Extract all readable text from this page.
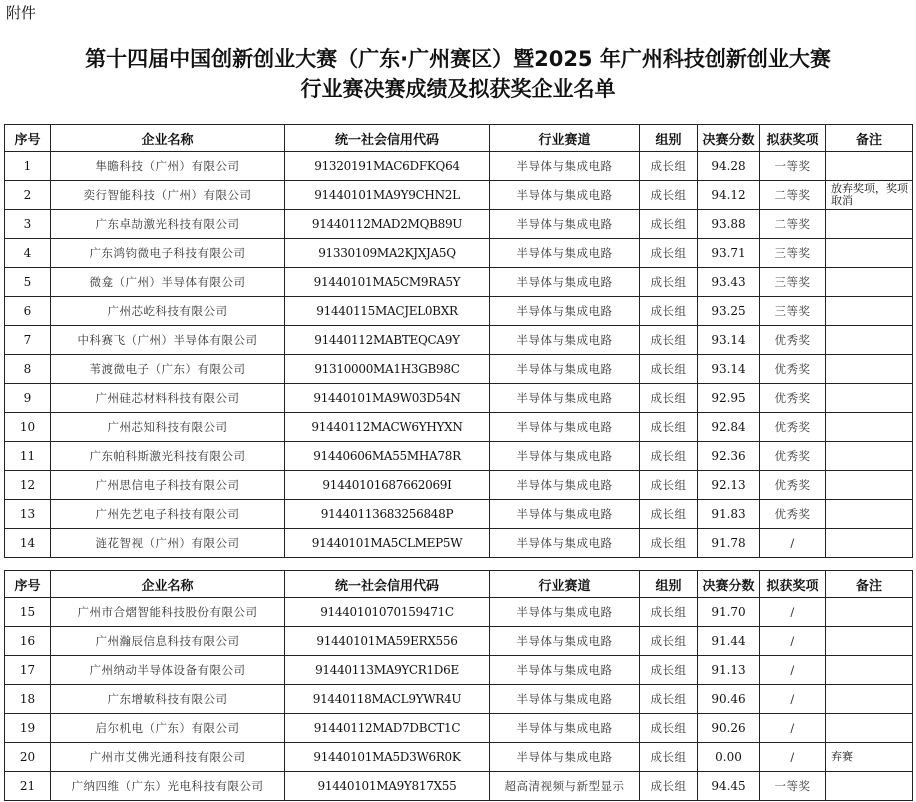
附件
第十四届中国创新创业大赛（广东·广州赛区）暨2025 年广州科技创新创业大赛
行业赛决赛成绩及拟获奖企业名单
序号	企业名称	统一社会信用代码	行业赛道	组别	决赛分数	拟获奖项	备注
1	隼瞻科技（广州）有限公司	91320191MAC6DFKQ64	半导体与集成电路	成长组	94.28	一等奖	
2	奕行智能科技（广州）有限公司	91440101MA9Y9CHN2L	半导体与集成电路	成长组	94.12	二等奖	放弃奖项，奖项取消
3	广东卓劼激光科技有限公司	91440112MAD2MQB89U	半导体与集成电路	成长组	93.88	二等奖	
4	广东鸿钧微电子科技有限公司	91330109MA2KJXJA5Q	半导体与集成电路	成长组	93.71	三等奖	
5	微龛（广州）半导体有限公司	91440101MA5CM9RA5Y	半导体与集成电路	成长组	93.43	三等奖	
6	广州芯屹科技有限公司	91440115MACJEL0BXR	半导体与集成电路	成长组	93.25	三等奖	
7	中科赛飞（广州）半导体有限公司	91440112MABTEQCA9Y	半导体与集成电路	成长组	93.14	优秀奖	
8	苇渡微电子（广东）有限公司	91310000MA1H3GB98C	半导体与集成电路	成长组	93.14	优秀奖	
9	广州硅芯材料科技有限公司	91440101MA9W03D54N	半导体与集成电路	成长组	92.95	优秀奖	
10	广州芯知科技有限公司	91440112MACW6YHYXN	半导体与集成电路	成长组	92.84	优秀奖	
11	广东帕科斯激光科技有限公司	91440606MA55MHA78R	半导体与集成电路	成长组	92.36	优秀奖	
12	广州思信电子科技有限公司	91440101687662069I	半导体与集成电路	成长组	92.13	优秀奖	
13	广州先艺电子科技有限公司	91440113683256848P	半导体与集成电路	成长组	91.83	优秀奖	
14	涟花智视（广州）有限公司	91440101MA5CLMEP5W	半导体与集成电路	成长组	91.78	/	
序号	企业名称	统一社会信用代码	行业赛道	组别	决赛分数	拟获奖项	备注
15	广州市合熠智能科技股份有限公司	91440101070159471C	半导体与集成电路	成长组	91.70	/	
16	广州瀚辰信息科技有限公司	91440101MA59ERX556	半导体与集成电路	成长组	91.44	/	
17	广州纳动半导体设备有限公司	91440113MA9YCR1D6E	半导体与集成电路	成长组	91.13	/	
18	广东增敏科技有限公司	91440118MACL9YWR4U	半导体与集成电路	成长组	90.46	/	
19	启尔机电（广东）有限公司	91440112MAD7DBCT1C	半导体与集成电路	成长组	90.26	/	
20	广州市艾佛光通科技有限公司	91440101MA5D3W6R0K	半导体与集成电路	成长组	0.00	/	弃赛
21	广纳四维（广东）光电科技有限公司	91440101MA9Y817X55	超高清视频与新型显示	成长组	94.45	一等奖	
